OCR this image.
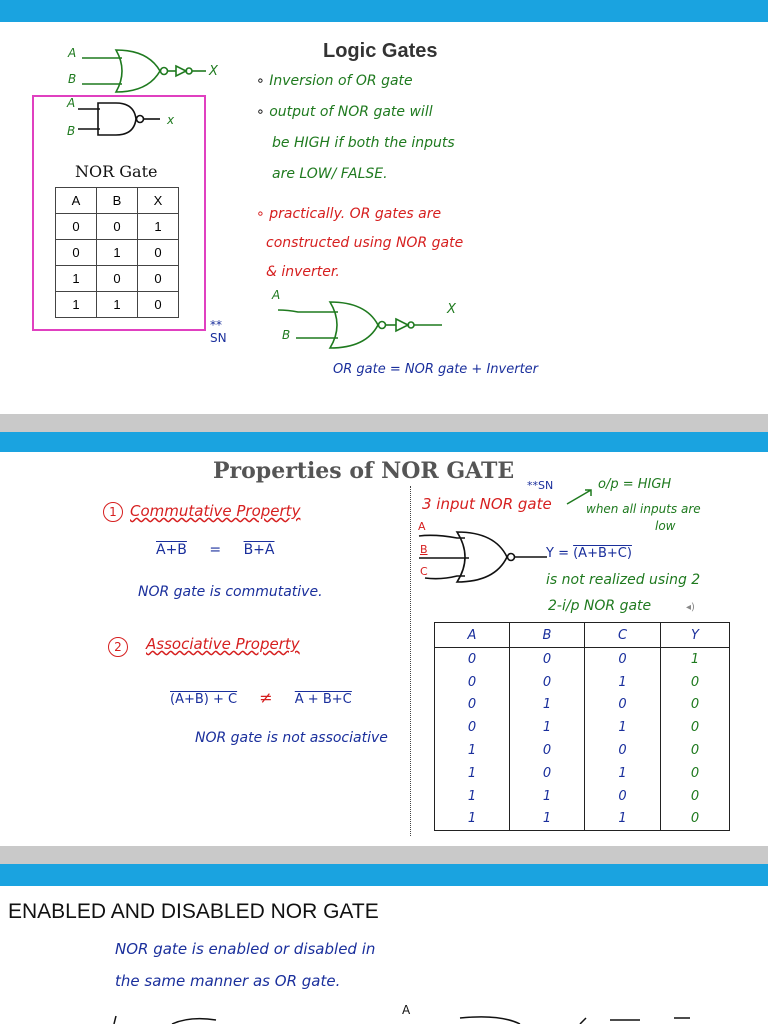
A
B	X
A
B
x
NOR Gate
A	B	X
0	0	1
0	1	0
1	0	0
1	1	0
**
SN
Logic Gates
∘ Inversion of OR gate
∘ output of NOR gate will
be HIGH if both the inputs
are LOW/ FALSE.
∘ practically. OR gates are
constructed using NOR gate
& inverter.
A
B
X
OR gate = NOR gate + Inverter
Properties of NOR GATE
1 Commutative Property
A+B = B+A
NOR gate is commutative.
2	Associative Property
(A+B) + C ≠ A + B+C
NOR gate is not associative
**SN
3 input NOR gate
o/p = HIGH
when all inputs are
low
A
B
C
Y = (A+B+C)
is not realized using 2
2-i/p NOR gate	◂)
A	B	C	Y
0	0	0	1
0	0	1	0
0	1	0	0
0	1	1	0
1	0	0	0
1	0	1	0
1	1	0	0
1	1	1	0
ENABLED AND DISABLED NOR GATE
NOR gate is enabled or disabled in
the same manner as OR gate.
A
